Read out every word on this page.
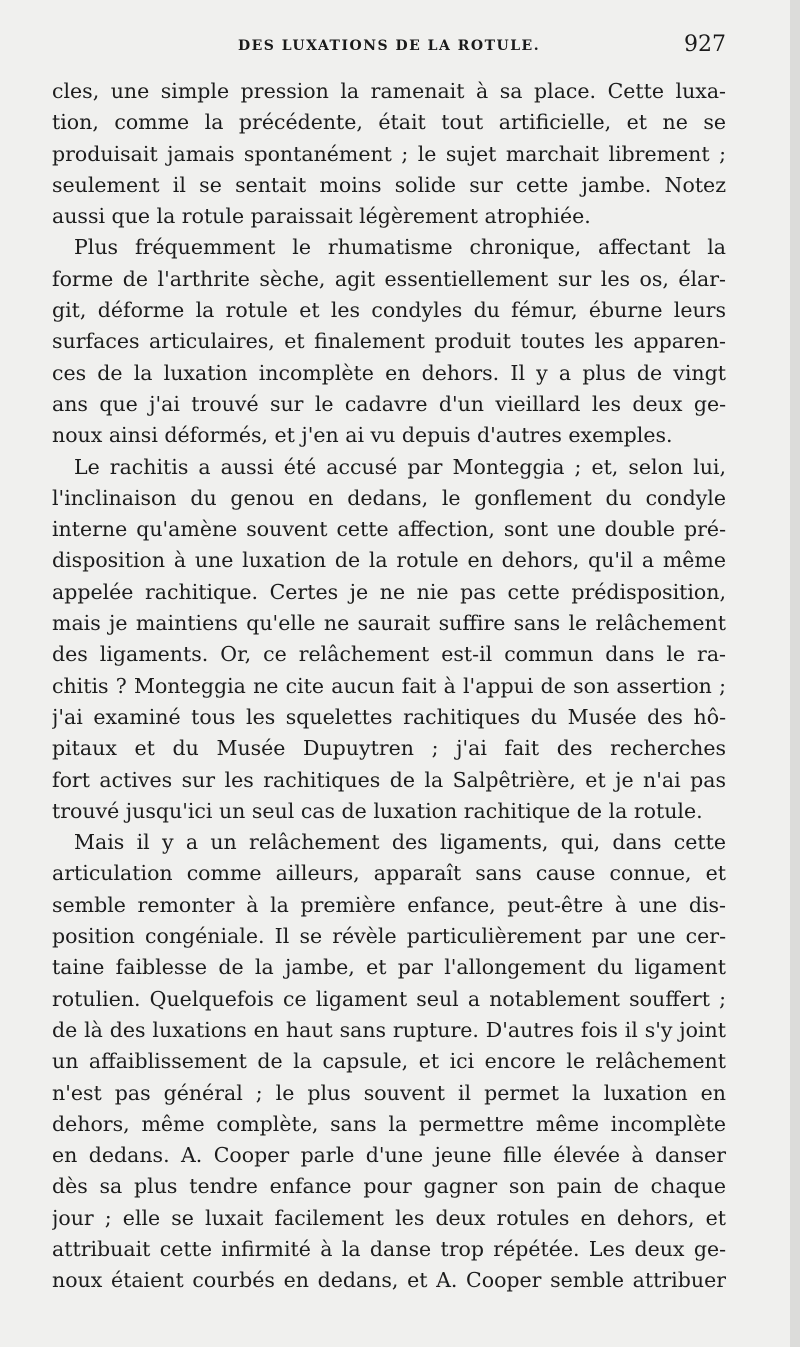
DES LUXATIONS DE LA ROTULE.	927
cles, une simple pression la ramenait à sa place. Cette luxa-
tion, comme la précédente, était tout artificielle, et ne se
produisait jamais spontanément ; le sujet marchait librement ;
seulement il se sentait moins solide sur cette jambe. Notez
aussi que la rotule paraissait légèrement atrophiée.
Plus fréquemment le rhumatisme chronique, affectant la
forme de l'arthrite sèche, agit essentiellement sur les os, élar-
git, déforme la rotule et les condyles du fémur, éburne leurs
surfaces articulaires, et finalement produit toutes les apparen-
ces de la luxation incomplète en dehors. Il y a plus de vingt
ans que j'ai trouvé sur le cadavre d'un vieillard les deux ge-
noux ainsi déformés, et j'en ai vu depuis d'autres exemples.
Le rachitis a aussi été accusé par Monteggia ; et, selon lui,
l'inclinaison du genou en dedans, le gonflement du condyle
interne qu'amène souvent cette affection, sont une double pré-
disposition à une luxation de la rotule en dehors, qu'il a même
appelée rachitique. Certes je ne nie pas cette prédisposition,
mais je maintiens qu'elle ne saurait suffire sans le relâchement
des ligaments. Or, ce relâchement est-il commun dans le ra-
chitis ? Monteggia ne cite aucun fait à l'appui de son assertion ;
j'ai examiné tous les squelettes rachitiques du Musée des hô-
pitaux et du Musée Dupuytren ; j'ai fait des recherches
fort actives sur les rachitiques de la Salpêtrière, et je n'ai pas
trouvé jusqu'ici un seul cas de luxation rachitique de la rotule.
Mais il y a un relâchement des ligaments, qui, dans cette
articulation comme ailleurs, apparaît sans cause connue, et
semble remonter à la première enfance, peut-être à une dis-
position congéniale. Il se révèle particulièrement par une cer-
taine faiblesse de la jambe, et par l'allongement du ligament
rotulien. Quelquefois ce ligament seul a notablement souffert ;
de là des luxations en haut sans rupture. D'autres fois il s'y joint
un affaiblissement de la capsule, et ici encore le relâchement
n'est pas général ; le plus souvent il permet la luxation en
dehors, même complète, sans la permettre même incomplète
en dedans. A. Cooper parle d'une jeune fille élevée à danser
dès sa plus tendre enfance pour gagner son pain de chaque
jour ; elle se luxait facilement les deux rotules en dehors, et
attribuait cette infirmité à la danse trop répétée. Les deux ge-
noux étaient courbés en dedans, et A. Cooper semble attribuer
